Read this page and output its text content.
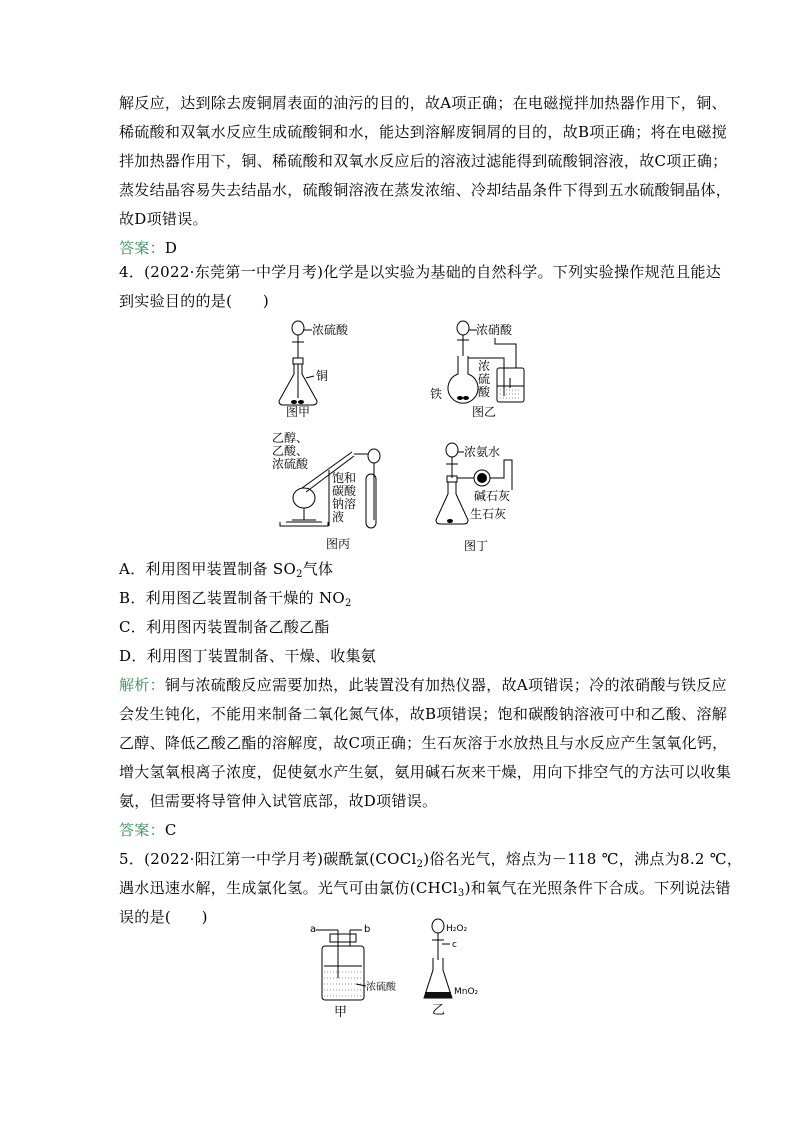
解反应，达到除去废铜屑表面的油污的目的，故A项正确；在电磁搅拌加热器作用下，铜、
稀硫酸和双氧水反应生成硫酸铜和水，能达到溶解废铜屑的目的，故B项正确；将在电磁搅
拌加热器作用下，铜、稀硫酸和双氧水反应后的溶液过滤能得到硫酸铜溶液，故C项正确；
蒸发结晶容易失去结晶水，硫酸铜溶液在蒸发浓缩、冷却结晶条件下得到五水硫酸铜晶体，
故D项错误。
答案：D
4．(2022·东莞第一中学月考)化学是以实验为基础的自然科学。下列实验操作规范且能达
到实验目的的是(　　)
浓硫酸
铜
图甲
浓硝酸
浓
硫
酸
铁
图乙
乙醇、
乙酸、
浓硫酸
饱和
碳酸
钠溶
液
图丙
浓氨水
碱石灰
生石灰
图丁
A．利用图甲装置制备 $SO_2$气体
B．利用图乙装置制备干燥的 $NO_2$
C．利用图丙装置制备乙酸乙酯
D．利用图丁装置制备、干燥、收集氨
解析：铜与浓硫酸反应需要加热，此装置没有加热仪器，故A项错误；冷的浓硝酸与铁反应
会发生钝化，不能用来制备二氧化氮气体，故B项错误；饱和碳酸钠溶液可中和乙酸、溶解
乙醇、降低乙酸乙酯的溶解度，故C项正确；生石灰溶于水放热且与水反应产生氢氧化钙，
增大氢氧根离子浓度，促使氨水产生氨，氨用碱石灰来干燥，用向下排空气的方法可以收集
氨，但需要将导管伸入试管底部，故D项错误。
答案：C
5．(2022·阳江第一中学月考)碳酰氯(COCl$_2$)俗名光气，熔点为－118 ℃，沸点为8.2 ℃，
遇水迅速水解，生成氯化氢。光气可由氯仿(CHCl$_3$)和氧气在光照条件下合成。下列说法错
误的是(　　)
a	b
浓硫酸
甲
H₂O₂
c
MnO₂
乙
